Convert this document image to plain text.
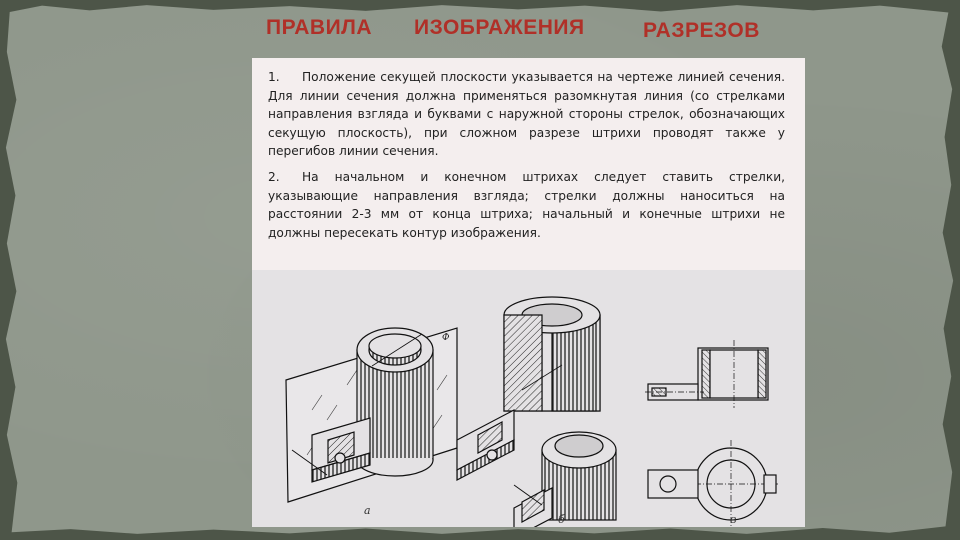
ПРАВИЛА ИЗОБРАЖЕНИЯ	РАЗРЕЗОВ

1. Положение секущей плоскости указывается на чертеже линией сечения. Для линии сечения должна применяться разомкнутая линия (со стрелками направления взгляда и буквами с наружной стороны стрелок, обозначающих секущую плоскость), при сложном разрезе штрихи проводят также у перегибов линии сечения.

2. На начальном и конечном штрихах следует ставить стрелки, указывающие направления взгляда; стрелки должны наноситься на расстоянии 2-3 мм от конца штриха; начальный и конечные штрихи не должны пересекать контур изображения.

Ф
а
б	в
